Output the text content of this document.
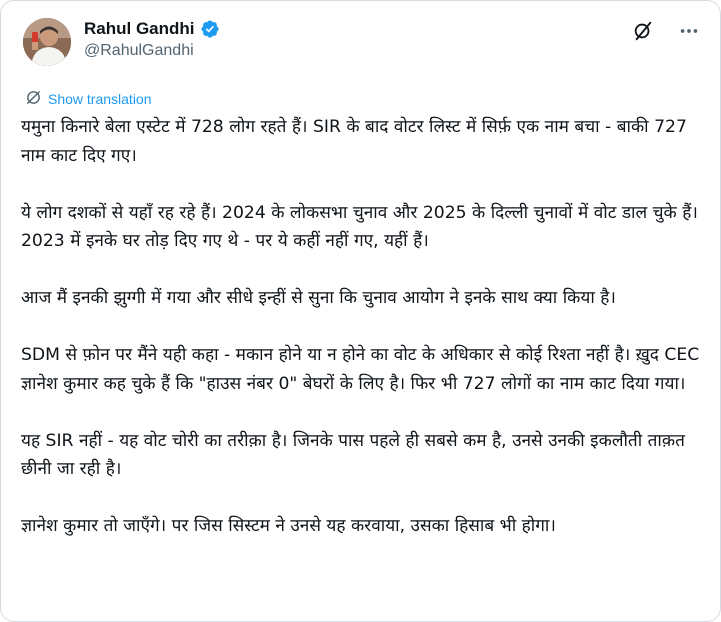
Rahul Gandhi
@RahulGandhi
Show translation

यमुना किनारे बेला एस्टेट में 728 लोग रहते हैं। SIR के बाद वोटर लिस्ट में सिर्फ़ एक नाम बचा - बाकी 727 नाम काट दिए गए।

ये लोग दशकों से यहाँ रह रहे हैं। 2024 के लोकसभा चुनाव और 2025 के दिल्ली चुनावों में वोट डाल चुके हैं। 2023 में इनके घर तोड़ दिए गए थे - पर ये कहीं नहीं गए, यहीं हैं।

आज मैं इनकी झुग्गी में गया और सीधे इन्हीं से सुना कि चुनाव आयोग ने इनके साथ क्या किया है।

SDM से फ़ोन पर मैंने यही कहा - मकान होने या न होने का वोट के अधिकार से कोई रिश्ता नहीं है। ख़ुद CEC ज्ञानेश कुमार कह चुके हैं कि "हाउस नंबर 0" बेघरों के लिए है। फिर भी 727 लोगों का नाम काट दिया गया।

यह SIR नहीं - यह वोट चोरी का तरीक़ा है। जिनके पास पहले ही सबसे कम है, उनसे उनकी इकलौती ताक़त छीनी जा रही है।

ज्ञानेश कुमार तो जाएँगे। पर जिस सिस्टम ने उनसे यह करवाया, उसका हिसाब भी होगा।
